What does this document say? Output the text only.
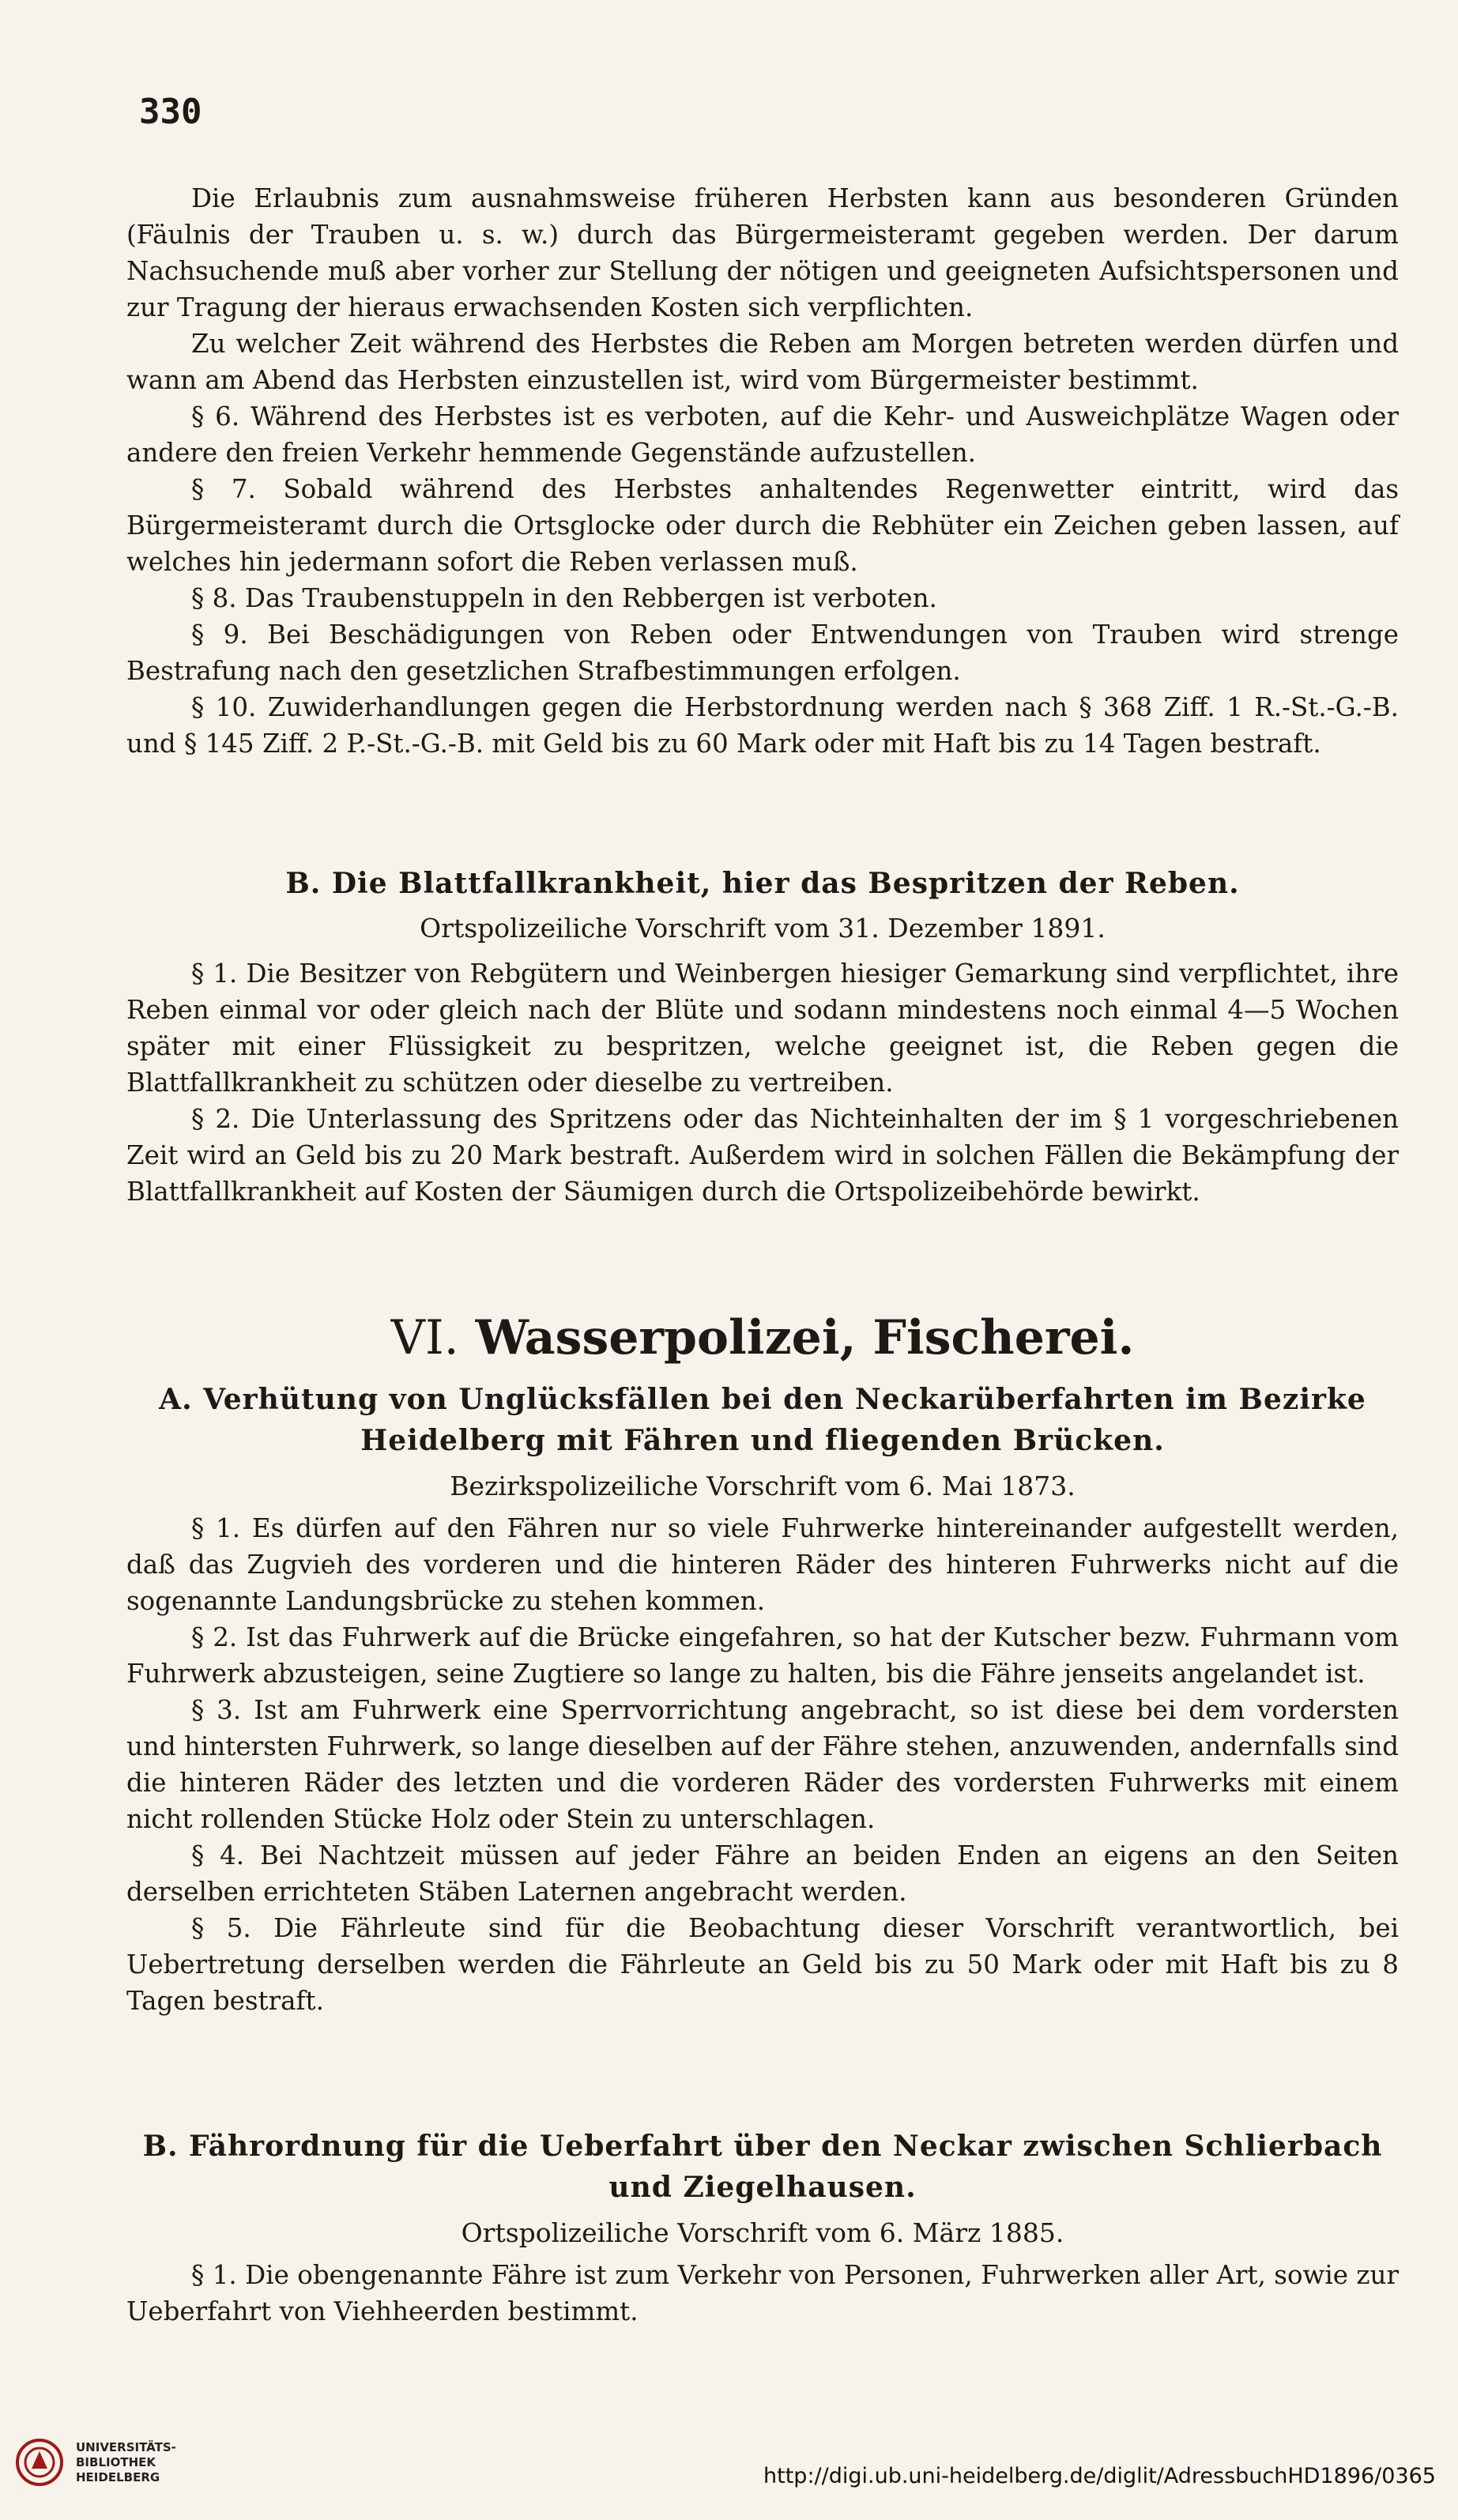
330

Die Erlaubnis zum ausnahmsweise früheren Herbsten kann aus besonderen Gründen (Fäulnis der Trauben u. s. w.) durch das Bürgermeisteramt gegeben werden. Der darum Nachsuchende muß aber vorher zur Stellung der nötigen und geeigneten Aufsichtspersonen und zur Tragung der hieraus erwachsenden Kosten sich verpflichten.

Zu welcher Zeit während des Herbstes die Reben am Morgen betreten werden dürfen und wann am Abend das Herbsten einzustellen ist, wird vom Bürgermeister bestimmt.

§ 6. Während des Herbstes ist es verboten, auf die Kehr- und Ausweichplätze Wagen oder andere den freien Verkehr hemmende Gegenstände aufzustellen.

§ 7. Sobald während des Herbstes anhaltendes Regenwetter eintritt, wird das Bürgermeisteramt durch die Ortsglocke oder durch die Rebhüter ein Zeichen geben lassen, auf welches hin jedermann sofort die Reben verlassen muß.

§ 8. Das Traubenstuppeln in den Rebbergen ist verboten.

§ 9. Bei Beschädigungen von Reben oder Entwendungen von Trauben wird strenge Bestrafung nach den gesetzlichen Strafbestimmungen erfolgen.

§ 10. Zuwiderhandlungen gegen die Herbstordnung werden nach § 368 Ziff. 1 R.-St.-G.-B. und § 145 Ziff. 2 P.-St.-G.-B. mit Geld bis zu 60 Mark oder mit Haft bis zu 14 Tagen bestraft.

B. Die Blattfallkrankheit, hier das Bespritzen der Reben.
Ortspolizeiliche Vorschrift vom 31. Dezember 1891.

§ 1. Die Besitzer von Rebgütern und Weinbergen hiesiger Gemarkung sind verpflichtet, ihre Reben einmal vor oder gleich nach der Blüte und sodann mindestens noch einmal 4—5 Wochen später mit einer Flüssigkeit zu bespritzen, welche geeignet ist, die Reben gegen die Blattfallkrankheit zu schützen oder dieselbe zu vertreiben.

§ 2. Die Unterlassung des Spritzens oder das Nichteinhalten der im § 1 vorgeschriebenen Zeit wird an Geld bis zu 20 Mark bestraft. Außerdem wird in solchen Fällen die Bekämpfung der Blattfallkrankheit auf Kosten der Säumigen durch die Ortspolizeibehörde bewirkt.

VI. Wasserpolizei, Fischerei.
A. Verhütung von Unglücksfällen bei den Neckarüberfahrten im Bezirke Heidelberg mit Fähren und fliegenden Brücken.
Bezirkspolizeiliche Vorschrift vom 6. Mai 1873.

§ 1. Es dürfen auf den Fähren nur so viele Fuhrwerke hintereinander aufgestellt werden, daß das Zugvieh des vorderen und die hinteren Räder des hinteren Fuhrwerks nicht auf die sogenannte Landungsbrücke zu stehen kommen.

§ 2. Ist das Fuhrwerk auf die Brücke eingefahren, so hat der Kutscher bezw. Fuhrmann vom Fuhrwerk abzusteigen, seine Zugtiere so lange zu halten, bis die Fähre jenseits angelandet ist.

§ 3. Ist am Fuhrwerk eine Sperrvorrichtung angebracht, so ist diese bei dem vordersten und hintersten Fuhrwerk, so lange dieselben auf der Fähre stehen, anzuwenden, andernfalls sind die hinteren Räder des letzten und die vorderen Räder des vordersten Fuhrwerks mit einem nicht rollenden Stücke Holz oder Stein zu unterschlagen.

§ 4. Bei Nachtzeit müssen auf jeder Fähre an beiden Enden an eigens an den Seiten derselben errichteten Stäben Laternen angebracht werden.

§ 5. Die Fährleute sind für die Beobachtung dieser Vorschrift verantwortlich, bei Uebertretung derselben werden die Fährleute an Geld bis zu 50 Mark oder mit Haft bis zu 8 Tagen bestraft.

B. Fährordnung für die Ueberfahrt über den Neckar zwischen Schlierbach und Ziegelhausen.
Ortspolizeiliche Vorschrift vom 6. März 1885.

§ 1. Die obengenannte Fähre ist zum Verkehr von Personen, Fuhrwerken aller Art, sowie zur Ueberfahrt von Viehheerden bestimmt.

UNIVERSITÄTS-
BIBLIOTHEK
HEIDELBERG	http://digi.ub.uni-heidelberg.de/diglit/AdressbuchHD1896/0365
